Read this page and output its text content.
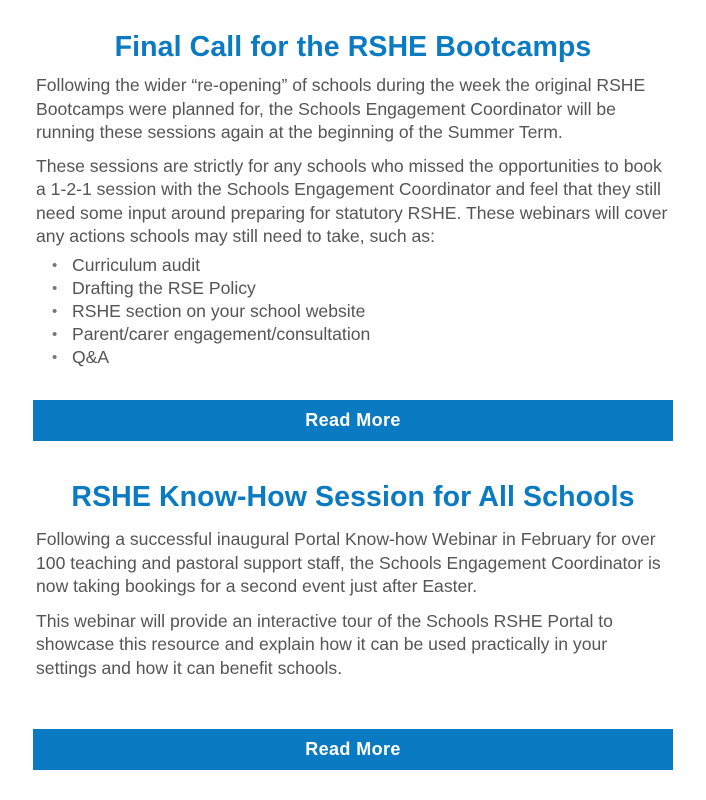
Final Call for the RSHE Bootcamps

Following the wider “re-opening” of schools during the week the original RSHE Bootcamps were planned for, the Schools Engagement Coordinator will be running these sessions again at the beginning of the Summer Term.

These sessions are strictly for any schools who missed the opportunities to book a 1-2-1 session with the Schools Engagement Coordinator and feel that they still need some input around preparing for statutory RSHE. These webinars will cover any actions schools may still need to take, such as:

• Curriculum audit
• Drafting the RSE Policy
• RSHE section on your school website
• Parent/carer engagement/consultation
• Q&A
Read More
RSHE Know-How Session for All Schools

Following a successful inaugural Portal Know-how Webinar in February for over 100 teaching and pastoral support staff, the Schools Engagement Coordinator is now taking bookings for a second event just after Easter.

This webinar will provide an interactive tour of the Schools RSHE Portal to showcase this resource and explain how it can be used practically in your settings and how it can benefit schools.

Read More
